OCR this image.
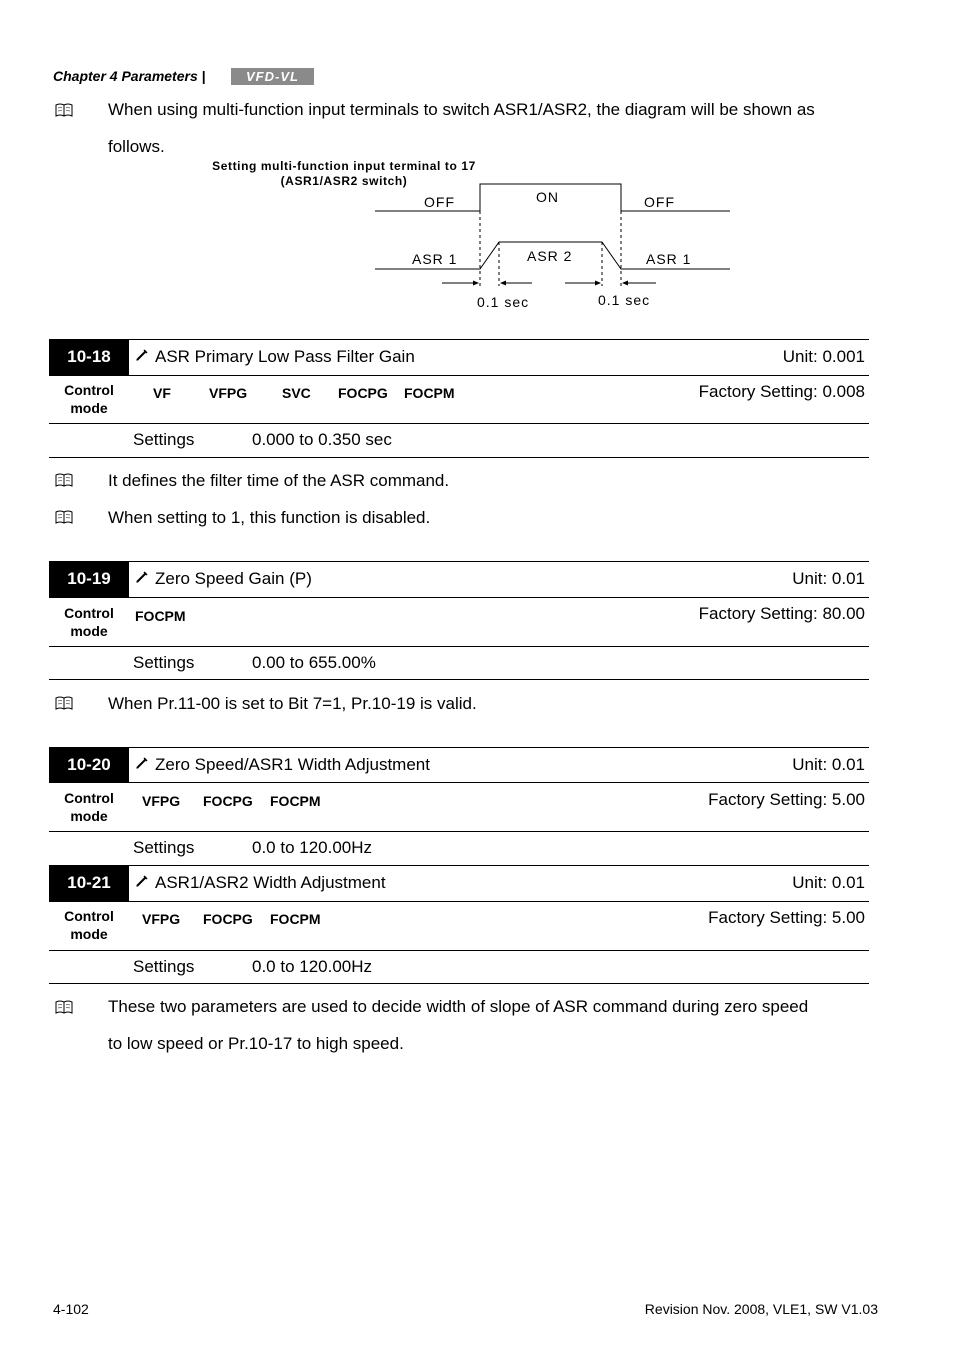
Chapter 4 Parameters |	VFD-VL
When using multi-function input terminals to switch ASR1/ASR2, the diagram will be shown as
follows.
Setting multi-function input terminal to 17
(ASR1/ASR2 switch)
OFF	ON	OFF
ASR 1	ASR 2	ASR 1
0.1 sec	0.1 sec
10-18	ASR Primary Low Pass Filter Gain	Unit: 0.001
Control
mode
VF	VFPG SVC FOCPG FOCPM	Factory Setting: 0.008
Settings	0.000 to 0.350 sec
It defines the filter time of the ASR command.
When setting to 1, this function is disabled.
10-19	Zero Speed Gain (P)	Unit: 0.01
Control
mode
FOCPM	Factory Setting: 80.00
Settings	0.00 to 655.00%
When Pr.11-00 is set to Bit 7=1, Pr.10-19 is valid.
10-20	Zero Speed/ASR1 Width Adjustment	Unit: 0.01
Control
mode
VFPG FOCPG FOCPM	Factory Setting: 5.00
Settings	0.0 to 120.00Hz
10-21	ASR1/ASR2 Width Adjustment	Unit: 0.01
Control
mode
VFPG FOCPG FOCPM	Factory Setting: 5.00
Settings	0.0 to 120.00Hz
These two parameters are used to decide width of slope of ASR command during zero speed
to low speed or Pr.10-17 to high speed.
4-102	Revision Nov. 2008, VLE1, SW V1.03
